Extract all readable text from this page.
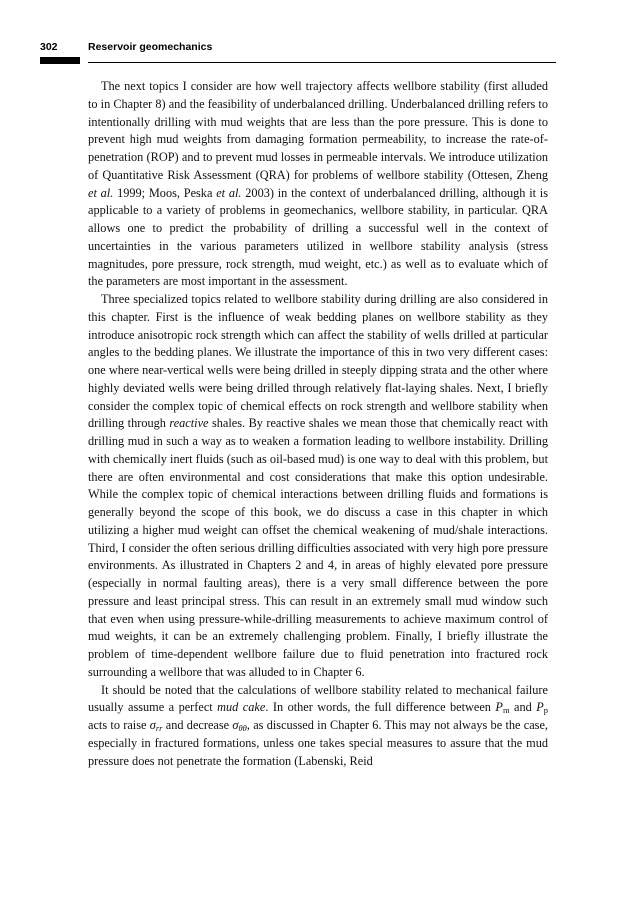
302	Reservoir geomechanics

The next topics I consider are how well trajectory affects wellbore stability (first alluded to in Chapter 8) and the feasibility of underbalanced drilling. Underbalanced drilling refers to intentionally drilling with mud weights that are less than the pore pressure. This is done to prevent high mud weights from damaging formation permeability, to increase the rate-of-penetration (ROP) and to prevent mud losses in permeable intervals. We introduce utilization of Quantitative Risk Assessment (QRA) for problems of wellbore stability (Ottesen, Zheng et al. 1999; Moos, Peska et al. 2003) in the context of underbalanced drilling, although it is applicable to a variety of problems in geomechanics, wellbore stability, in particular. QRA allows one to predict the probability of drilling a successful well in the context of uncertainties in the various parameters utilized in wellbore stability analysis (stress magnitudes, pore pressure, rock strength, mud weight, etc.) as well as to evaluate which of the parameters are most important in the assessment.

Three specialized topics related to wellbore stability during drilling are also considered in this chapter. First is the influence of weak bedding planes on wellbore stability as they introduce anisotropic rock strength which can affect the stability of wells drilled at particular angles to the bedding planes. We illustrate the importance of this in two very different cases: one where near-vertical wells were being drilled in steeply dipping strata and the other where highly deviated wells were being drilled through relatively flat-laying shales. Next, I briefly consider the complex topic of chemical effects on rock strength and wellbore stability when drilling through reactive shales. By reactive shales we mean those that chemically react with drilling mud in such a way as to weaken a formation leading to wellbore instability. Drilling with chemically inert fluids (such as oil-based mud) is one way to deal with this problem, but there are often environmental and cost considerations that make this option undesirable. While the complex topic of chemical interactions between drilling fluids and formations is generally beyond the scope of this book, we do discuss a case in this chapter in which utilizing a higher mud weight can offset the chemical weakening of mud/shale interactions. Third, I consider the often serious drilling difficulties associated with very high pore pressure environments. As illustrated in Chapters 2 and 4, in areas of highly elevated pore pressure (especially in normal faulting areas), there is a very small difference between the pore pressure and least principal stress. This can result in an extremely small mud window such that even when using pressure-while-drilling measurements to achieve maximum control of mud weights, it can be an extremely challenging problem. Finally, I briefly illustrate the problem of time-dependent wellbore failure due to fluid penetration into fractured rock surrounding a wellbore that was alluded to in Chapter 6.

It should be noted that the calculations of wellbore stability related to mechanical failure usually assume a perfect mud cake. In other words, the full difference between $P_m$ and $P_p$ acts to raise $\sigma_{rr}$ and decrease $\sigma_{\theta\theta}$, as discussed in Chapter 6. This may not always be the case, especially in fractured formations, unless one takes special measures to assure that the mud pressure does not penetrate the formation (Labenski, Reid
